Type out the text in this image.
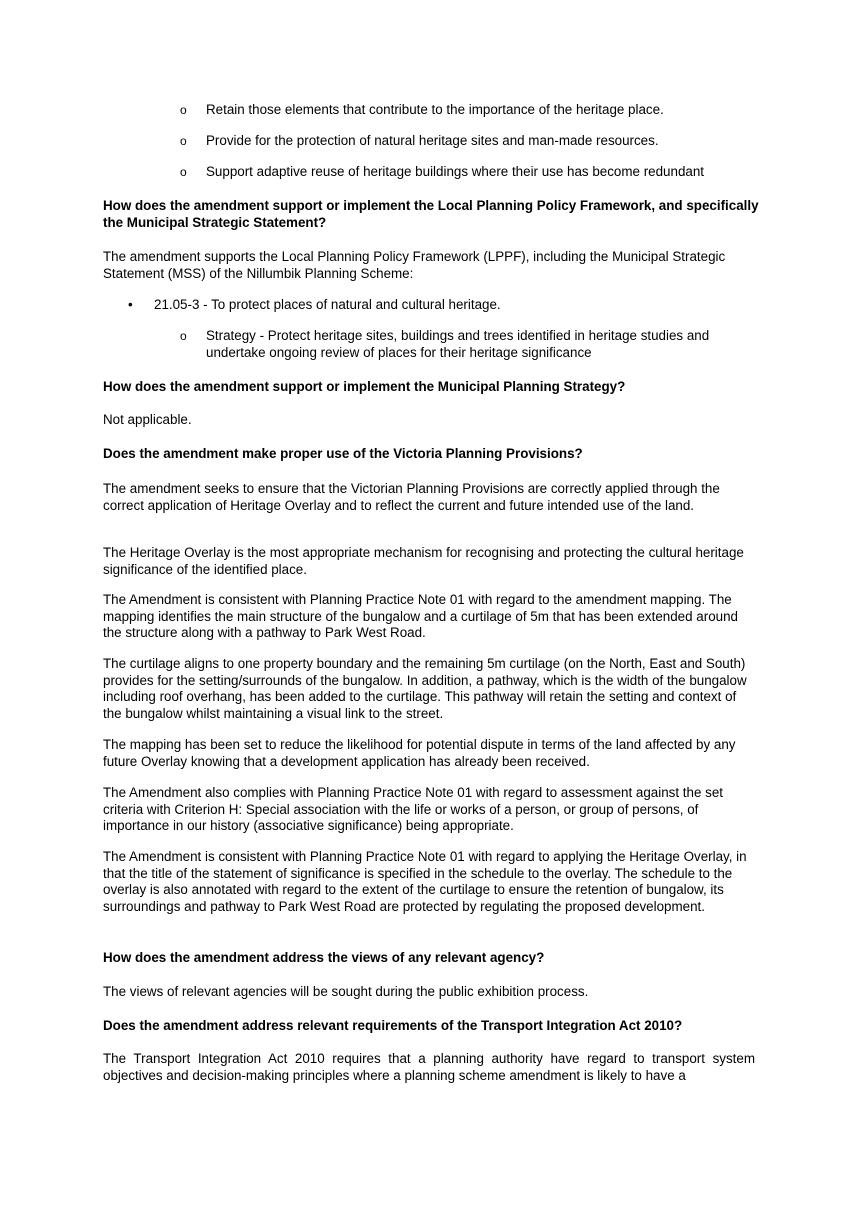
o Retain those elements that contribute to the importance of the heritage place.
o Provide for the protection of natural heritage sites and man-made resources.
o Support adaptive reuse of heritage buildings where their use has become redundant
How does the amendment support or implement the Local Planning Policy Framework, and specifically the Municipal Strategic Statement?
The amendment supports the Local Planning Policy Framework (LPPF), including the Municipal Strategic Statement (MSS) of the Nillumbik Planning Scheme:
• 21.05-3 - To protect places of natural and cultural heritage.
o Strategy - Protect heritage sites, buildings and trees identified in heritage studies and undertake ongoing review of places for their heritage significance
How does the amendment support or implement the Municipal Planning Strategy?
Not applicable.
Does the amendment make proper use of the Victoria Planning Provisions?
The amendment seeks to ensure that the Victorian Planning Provisions are correctly applied through the correct application of Heritage Overlay and to reflect the current and future intended use of the land.
The Heritage Overlay is the most appropriate mechanism for recognising and protecting the cultural heritage significance of the identified place.
The Amendment is consistent with Planning Practice Note 01 with regard to the amendment mapping. The mapping identifies the main structure of the bungalow and a curtilage of 5m that has been extended around the structure along with a pathway to Park West Road.
The curtilage aligns to one property boundary and the remaining 5m curtilage (on the North, East and South) provides for the setting/surrounds of the bungalow. In addition, a pathway, which is the width of the bungalow including roof overhang, has been added to the curtilage. This pathway will retain the setting and context of the bungalow whilst maintaining a visual link to the street.
The mapping has been set to reduce the likelihood for potential dispute in terms of the land affected by any future Overlay knowing that a development application has already been received.
The Amendment also complies with Planning Practice Note 01 with regard to assessment against the set criteria with Criterion H: Special association with the life or works of a person, or group of persons, of importance in our history (associative significance) being appropriate.
The Amendment is consistent with Planning Practice Note 01 with regard to applying the Heritage Overlay, in that the title of the statement of significance is specified in the schedule to the overlay. The schedule to the overlay is also annotated with regard to the extent of the curtilage to ensure the retention of bungalow, its surroundings and pathway to Park West Road are protected by regulating the proposed development.
How does the amendment address the views of any relevant agency?
The views of relevant agencies will be sought during the public exhibition process.
Does the amendment address relevant requirements of the Transport Integration Act 2010?
The Transport Integration Act 2010 requires that a planning authority have regard to transport system objectives and decision-making principles where a planning scheme amendment is likely to have a
